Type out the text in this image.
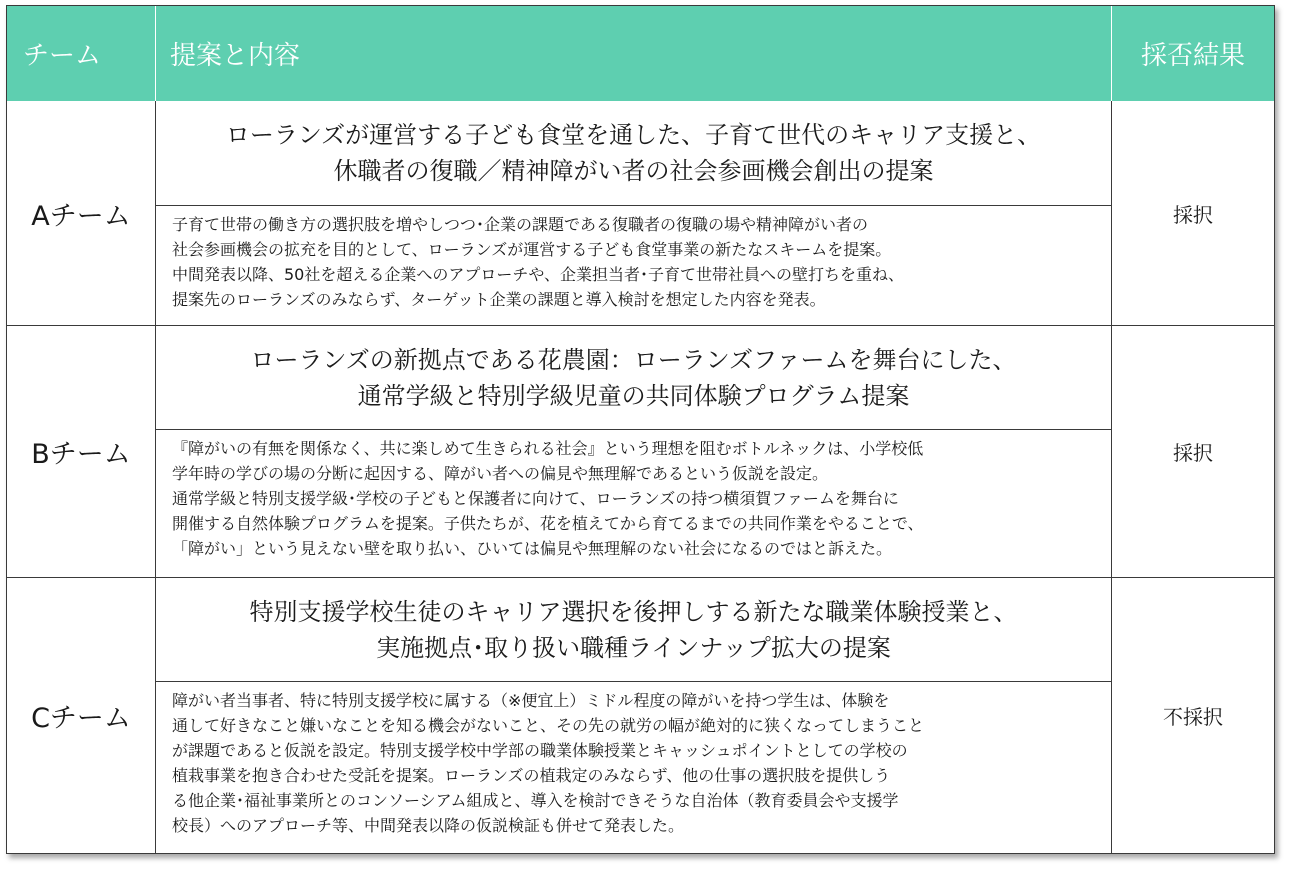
チーム	提案と内容	採否結果
Aチーム
ローランズが運営する子ども食堂を通した、子育て世代のキャリア支援と、
休職者の復職／精神障がい者の社会参画機会創出の提案

子育て世帯の働き方の選択肢を増やしつつ･企業の課題である復職者の復職の場や精神障がい者の

社会参画機会の拡充を目的として、ローランズが運営する子ども食堂事業の新たなスキームを提案。

中間発表以降、50社を超える企業へのアプローチや、企業担当者･子育て世帯社員への壁打ちを重ね、

提案先のローランズのみならず、ターゲット企業の課題と導入検討を想定した内容を発表。

採択
Bチーム
ローランズの新拠点である花農園：ローランズファームを舞台にした、
通常学級と特別学級児童の共同体験プログラム提案

『障がいの有無を関係なく、共に楽しめて生きられる社会』という理想を阻むボトルネックは、小学校低

学年時の学びの場の分断に起因する、障がい者への偏見や無理解であるという仮説を設定。

通常学級と特別支援学級･学校の子どもと保護者に向けて、ローランズの持つ横須賀ファームを舞台に

開催する自然体験プログラムを提案。子供たちが、花を植えてから育てるまでの共同作業をやることで、

「障がい」という見えない壁を取り払い、ひいては偏見や無理解のない社会になるのではと訴えた。

採択
Cチーム
特別支援学校生徒のキャリア選択を後押しする新たな職業体験授業と、
実施拠点･取り扱い職種ラインナップ拡大の提案

障がい者当事者、特に特別支援学校に属する（※便宜上）ミドル程度の障がいを持つ学生は、体験を

通して好きなこと嫌いなことを知る機会がないこと、その先の就労の幅が絶対的に狭くなってしまうこと

が課題であると仮説を設定。特別支援学校中学部の職業体験授業とキャッシュポイントとしての学校の

植栽事業を抱き合わせた受託を提案。ローランズの植栽定のみならず、他の仕事の選択肢を提供しう

る他企業･福祉事業所とのコンソーシアム組成と、導入を検討できそうな自治体（教育委員会や支援学

校長）へのアプローチ等、中間発表以降の仮説検証も併せて発表した。

不採択
